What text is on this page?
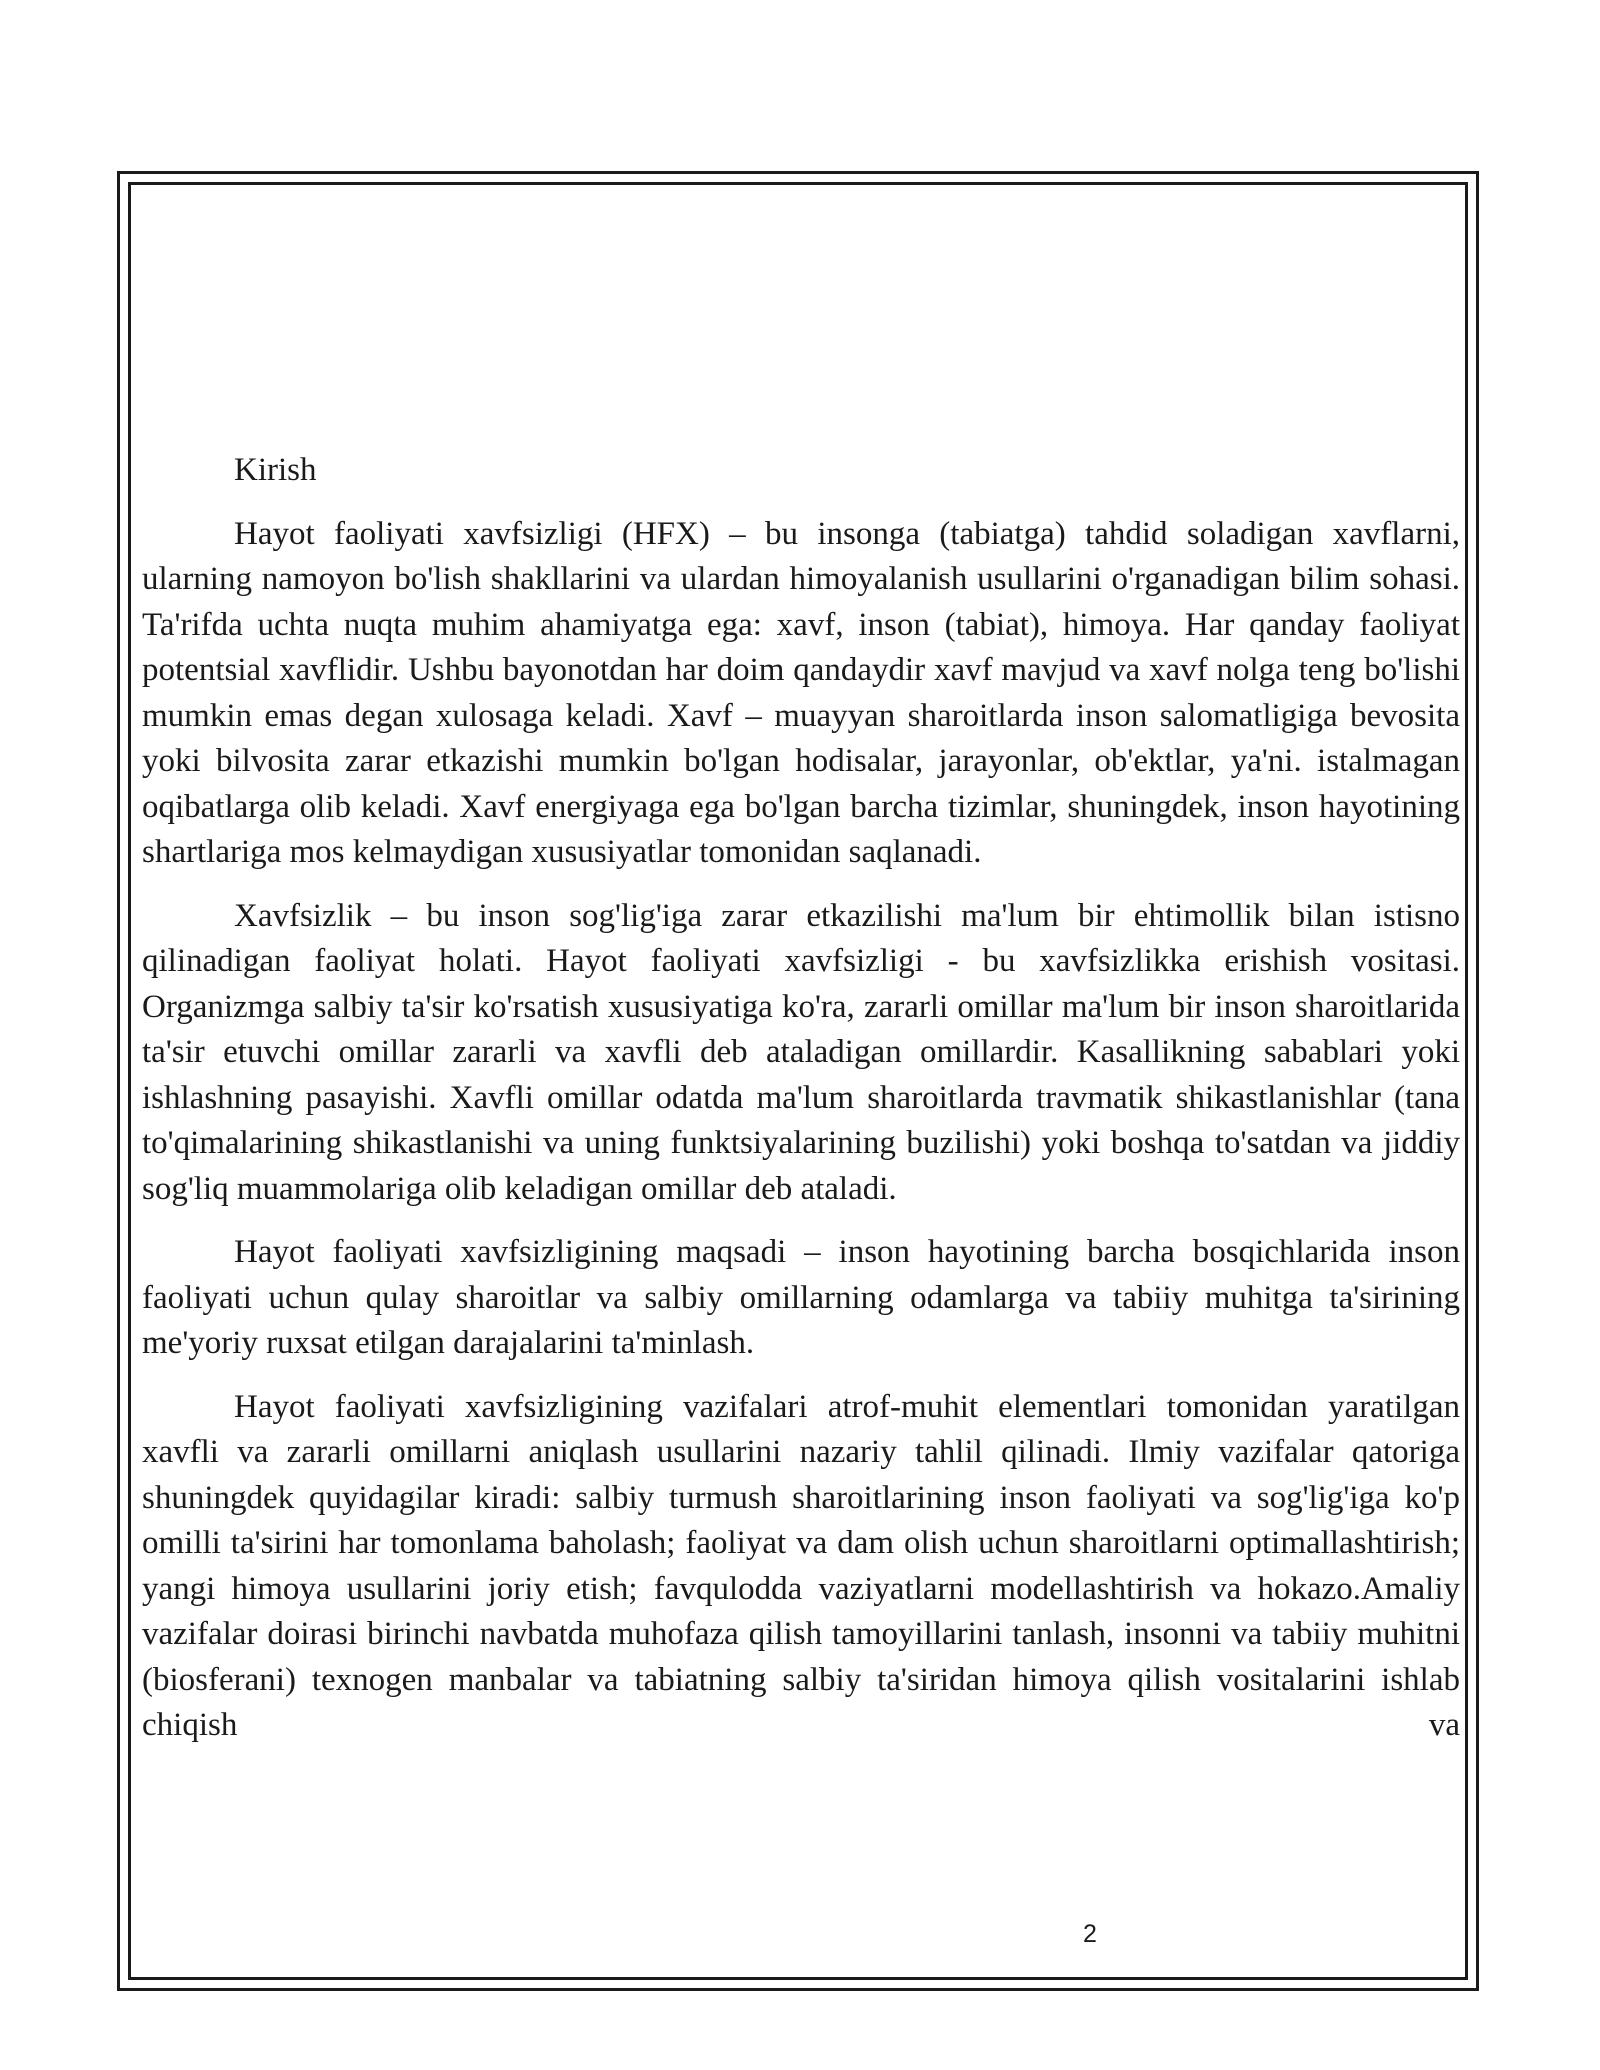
Kirish

Hayot faoliyati xavfsizligi (HFX) – bu insonga (tabiatga) tahdid soladigan xavflarni, ularning namoyon bo'lish shakllarini va ulardan himoyalanish usullarini o'rganadigan bilim sohasi. Ta'rifda uchta nuqta muhim ahamiyatga ega: xavf, inson (tabiat), himoya. Har qanday faoliyat potentsial xavflidir. Ushbu bayonotdan har doim qandaydir xavf mavjud va xavf nolga teng bo'lishi mumkin emas degan xulosaga keladi. Xavf – muayyan sharoitlarda inson salomatligiga bevosita yoki bilvosita zarar etkazishi mumkin bo'lgan hodisalar, jarayonlar, ob'ektlar, ya'ni. istalmagan oqibatlarga olib keladi. Xavf energiyaga ega bo'lgan barcha tizimlar, shuningdek, inson hayotining shartlariga mos kelmaydigan xususiyatlar tomonidan saqlanadi.

Xavfsizlik – bu inson sog'lig'iga zarar etkazilishi ma'lum bir ehtimollik bilan istisno qilinadigan faoliyat holati. Hayot faoliyati xavfsizligi - bu xavfsizlikka erishish vositasi. Organizmga salbiy ta'sir ko'rsatish xususiyatiga ko'ra, zararli omillar ma'lum bir inson sharoitlarida ta'sir etuvchi omillar zararli va xavfli deb ataladigan omillardir. Kasallikning sabablari yoki ishlashning pasayishi. Xavfli omillar odatda ma'lum sharoitlarda travmatik shikastlanishlar (tana to'qimalarining shikastlanishi va uning funktsiyalarining buzilishi) yoki boshqa to'satdan va jiddiy sog'liq muammolariga olib keladigan omillar deb ataladi.

Hayot faoliyati xavfsizligining maqsadi – inson hayotining barcha bosqichlarida inson faoliyati uchun qulay sharoitlar va salbiy omillarning odamlarga va tabiiy muhitga ta'sirining me'yoriy ruxsat etilgan darajalarini ta'minlash.

Hayot faoliyati xavfsizligining vazifalari atrof-muhit elementlari tomonidan yaratilgan xavfli va zararli omillarni aniqlash usullarini nazariy tahlil qilinadi. Ilmiy vazifalar qatoriga shuningdek quyidagilar kiradi: salbiy turmush sharoitlarining inson faoliyati va sog'lig'iga ko'p omilli ta'sirini har tomonlama baholash; faoliyat va dam olish uchun sharoitlarni optimallashtirish; yangi himoya usullarini joriy etish; favqulodda vaziyatlarni modellashtirish va hokazo.Amaliy vazifalar doirasi birinchi navbatda muhofaza qilish tamoyillarini tanlash, insonni va tabiiy muhitni (biosferani) texnogen manbalar va tabiatning salbiy ta'siridan himoya qilish vositalarini ishlab chiqish va

2
